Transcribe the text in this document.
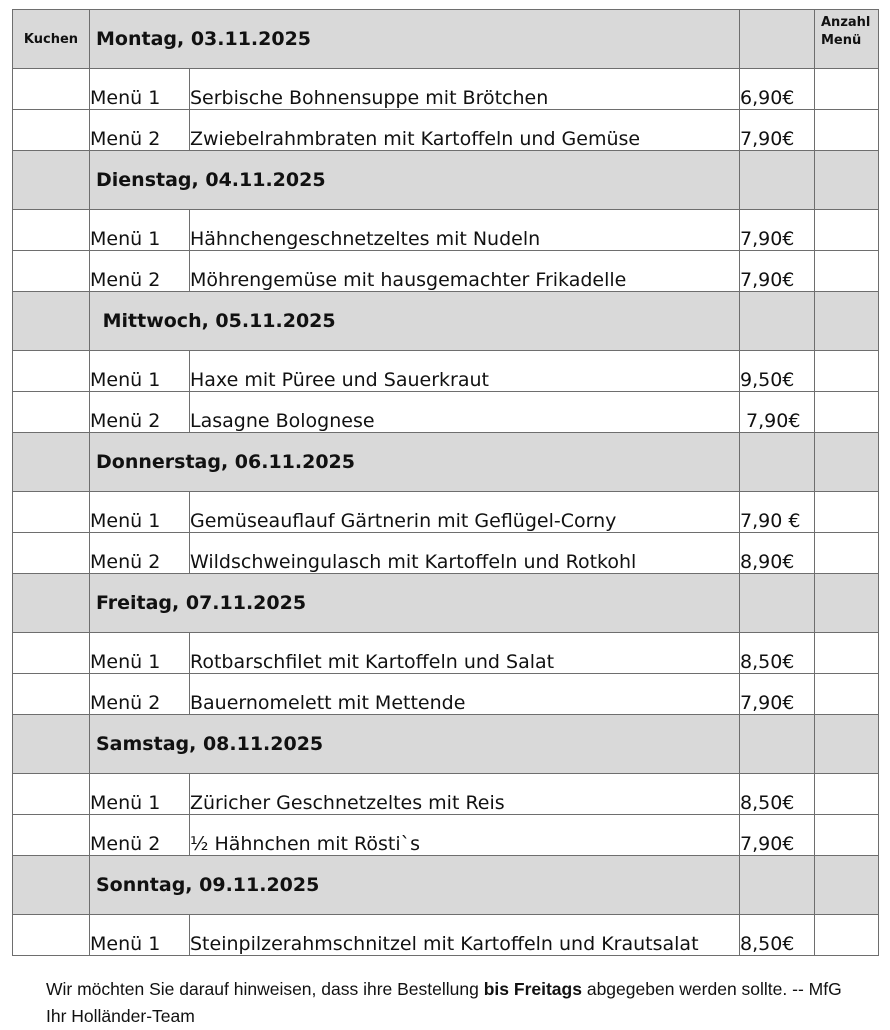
Kuchen	Montag, 03.11.2025			Anzahl
Menü

	Menü 1	Serbische Bohnensuppe mit Brötchen	6,90€	
	Menü 2	Zwiebelrahmbraten mit Kartoffeln und Gemüse	7,90€	
	Dienstag, 04.11.2025			
	Menü 1	Hähnchengeschnetzeltes mit Nudeln	7,90€	
	Menü 2	Möhrengemüse mit hausgemachter Frikadelle	7,90€	
	Mittwoch, 05.11.2025			
	Menü 1	Haxe mit Püree und Sauerkraut	9,50€	
	Menü 2	Lasagne Bolognese	7,90€	
	Donnerstag, 06.11.2025			
	Menü 1	Gemüseauflauf Gärtnerin mit Geflügel-Corny	7,90 €	
	Menü 2	Wildschweingulasch mit Kartoffeln und Rotkohl	8,90€	
	Freitag, 07.11.2025			
	Menü 1	Rotbarschfilet mit Kartoffeln und Salat	8,50€	
	Menü 2	Bauernomelett mit Mettende	7,90€	
	Samstag, 08.11.2025			
	Menü 1	Züricher Geschnetzeltes mit Reis	8,50€	
	Menü 2	½ Hähnchen mit Rösti`s	7,90€	
	Sonntag, 09.11.2025			
	Menü 1	Steinpilzerahmschnitzel mit Kartoffeln und Krautsalat	8,50€	

Wir möchten Sie darauf hinweisen, dass ihre Bestellung bis Freitags abgegeben werden sollte. -- MfG Ihr Holländer-Team
